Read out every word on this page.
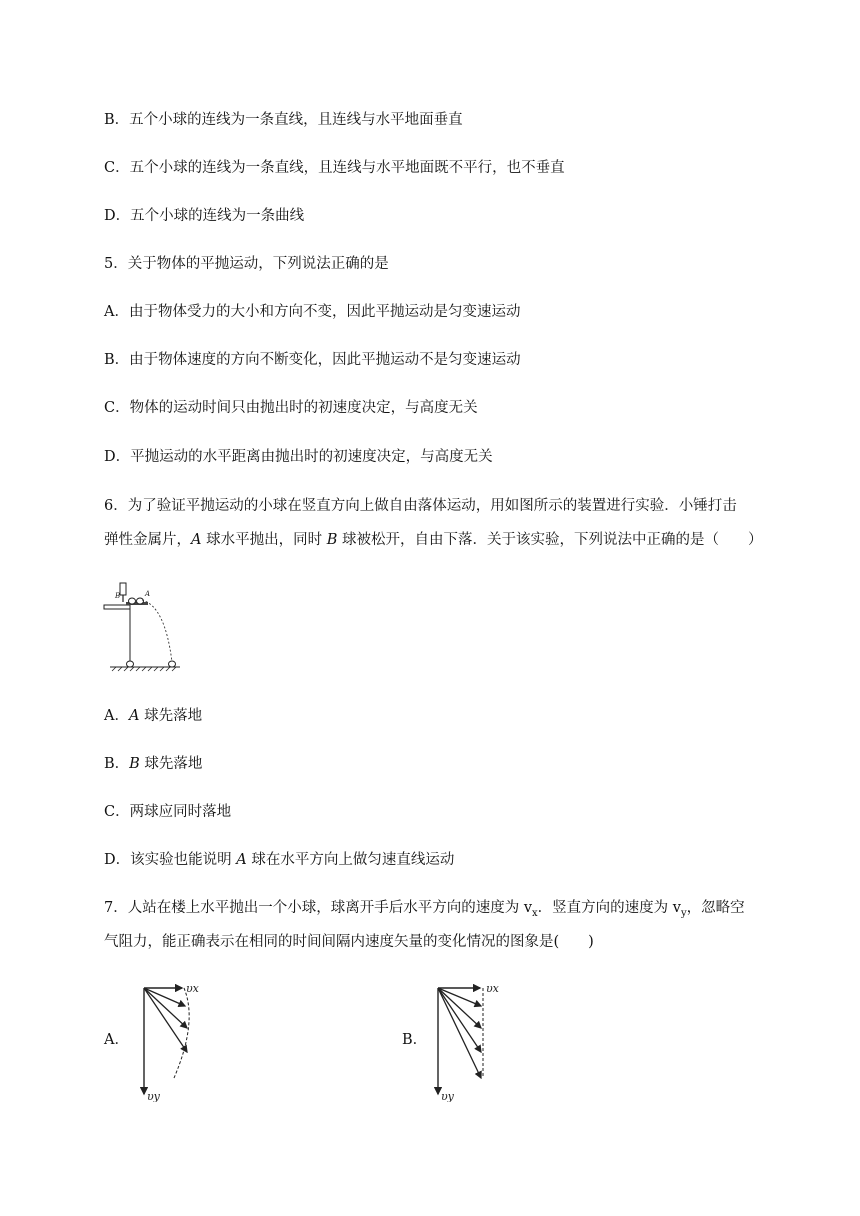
B．五个小球的连线为一条直线，且连线与水平地面垂直
C．五个小球的连线为一条直线，且连线与水平地面既不平行，也不垂直
D．五个小球的连线为一条曲线
5．关于物体的平抛运动，下列说法正确的是
A．由于物体受力的大小和方向不变，因此平抛运动是匀变速运动
B．由于物体速度的方向不断变化，因此平抛运动不是匀变速运动
C．物体的运动时间只由抛出时的初速度决定，与高度无关
D．平抛运动的水平距离由抛出时的初速度决定，与高度无关
6．为了验证平抛运动的小球在竖直方向上做自由落体运动，用如图所示的装置进行实验．小锤打击
弹性金属片，A 球水平抛出，同时 B 球被松开，自由下落．关于该实验，下列说法中正确的是（　　）
B	A
A．A 球先落地
B．B 球先落地
C．两球应同时落地
D．该实验也能说明 A 球在水平方向上做匀速直线运动
7．人站在楼上水平抛出一个小球，球离开手后水平方向的速度为 $v_x$．竖直方向的速度为 $v_y$，忽略空
气阻力，能正确表示在相同的时间间隔内速度矢量的变化情况的图象是(　　)
A．	B．
υx
υy
υx
υy
